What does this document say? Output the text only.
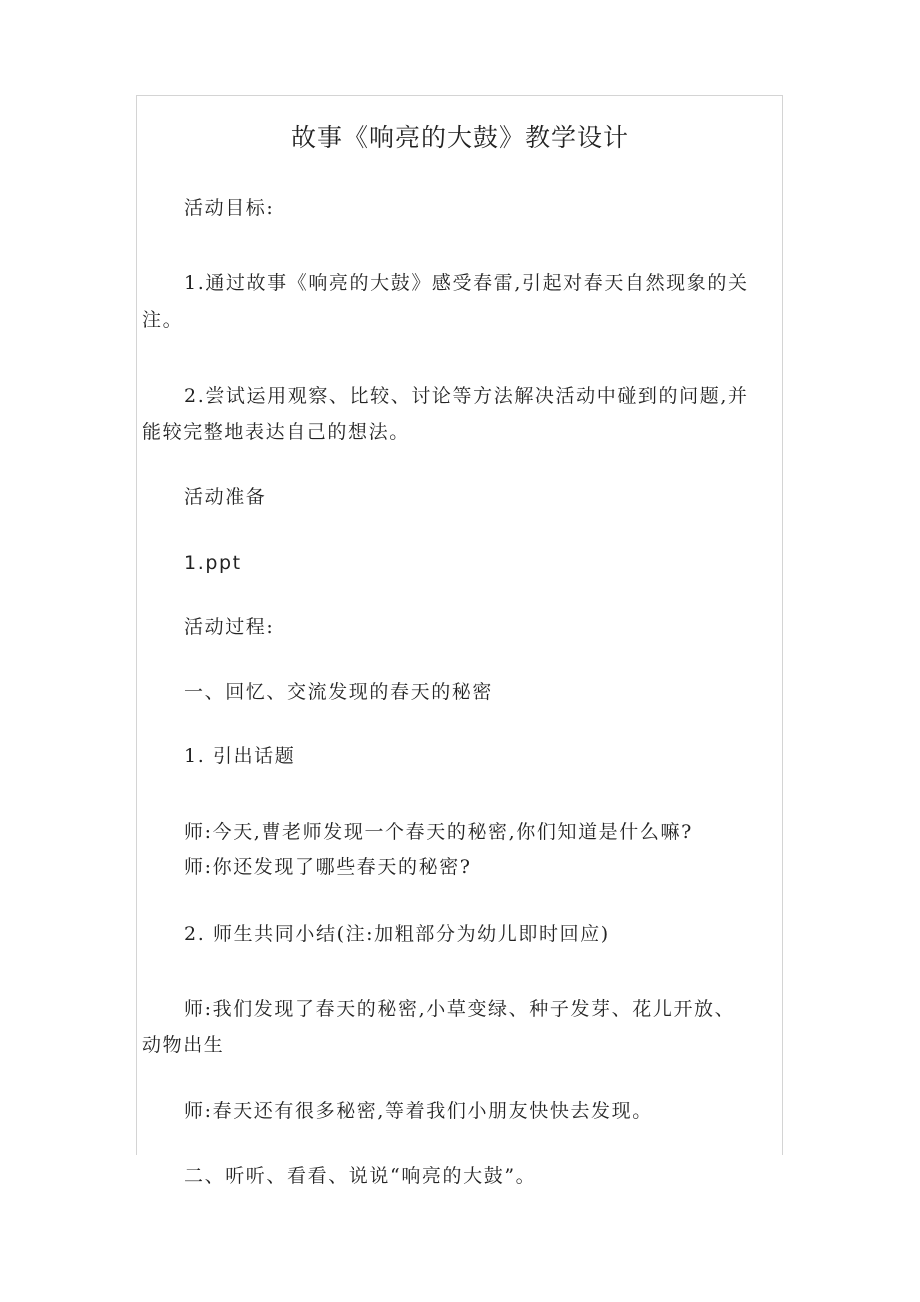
故事《响亮的大鼓》教学设计
活动目标:
1.通过故事《响亮的大鼓》感受春雷,引起对春天自然现象的关
注。
2.尝试运用观察、比较、讨论等方法解决活动中碰到的问题,并
能较完整地表达自己的想法。
活动准备
1.ppt
活动过程:
一、回忆、交流发现的春天的秘密
1. 引出话题
师:今天,曹老师发现一个春天的秘密,你们知道是什么嘛?
师:你还发现了哪些春天的秘密?
2. 师生共同小结(注:加粗部分为幼儿即时回应)
师:我们发现了春天的秘密,小草变绿、种子发芽、花儿开放、
动物出生
师:春天还有很多秘密,等着我们小朋友快快去发现。
二、听听、看看、说说“响亮的大鼓”。
